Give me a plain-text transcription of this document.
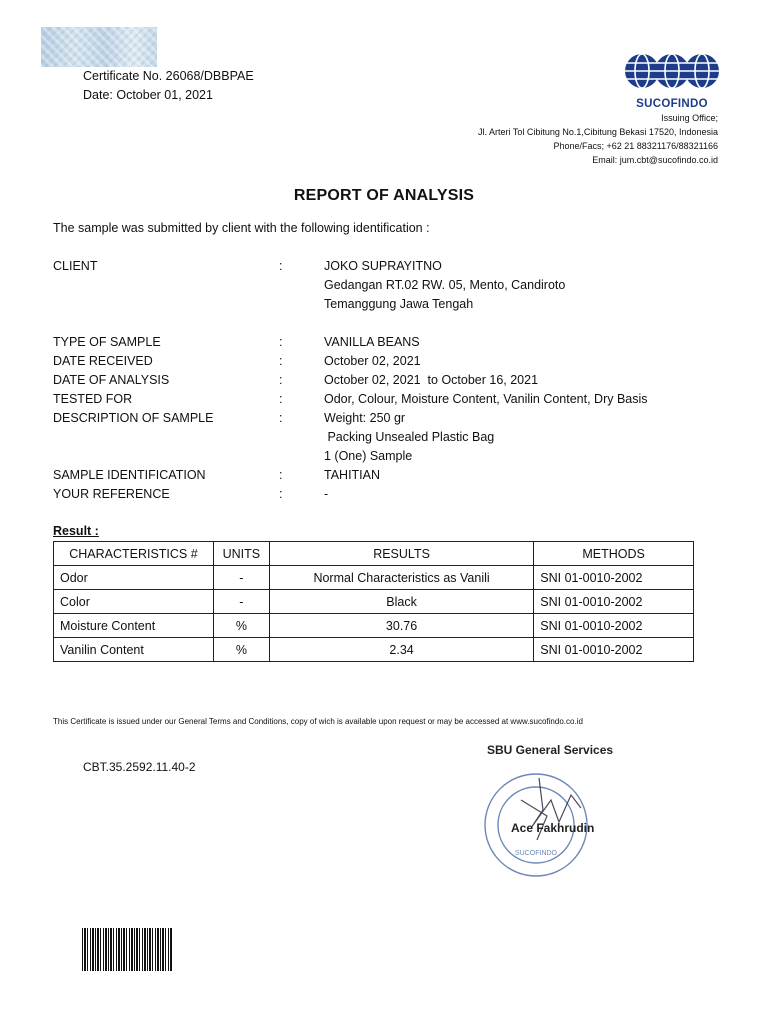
Certificate No. 26068/DBBPAE
Date: October 01, 2021
SUCOFINDO
Issuing Office;
Jl. Arteri Tol Cibitung No.1,Cibitung Bekasi 17520, Indonesia
Phone/Facs; +62 21 88321176/88321166
Email: jum.cbt@sucofindo.co.id
REPORT OF ANALYSIS
The sample was submitted by client with the following identification :
CLIENT	:	JOKO SUPRAYITNO
Gedangan RT.02 RW. 05, Mento, Candiroto
Temanggung Jawa Tengah
TYPE OF SAMPLE	:	VANILLA BEANS
DATE RECEIVED	:	October 02, 2021
DATE OF ANALYSIS	:	October 02, 2021  to October 16, 2021
TESTED FOR	:	Odor, Colour, Moisture Content, Vanilin Content, Dry Basis
DESCRIPTION OF SAMPLE	:	Weight: 250 gr
Packing Unsealed Plastic Bag
1 (One) Sample
SAMPLE IDENTIFICATION	:	TAHITIAN
YOUR REFERENCE	:	-
Result :
CHARACTERISTICS #	UNITS	RESULTS	METHODS
Odor	-	Normal Characteristics as Vanili	SNI 01-0010-2002
Color	-	Black	SNI 01-0010-2002
Moisture Content	%	30.76	SNI 01-0010-2002
Vanilin Content	%	2.34	SNI 01-0010-2002
This Certificate is issued under our General Terms and Conditions, copy of wich is available upon request or may be accessed at www.sucofindo.co.id
CBT.35.2592.11.40-2
SBU General Services
SUCOFINDO
Ace Fakhrudin
